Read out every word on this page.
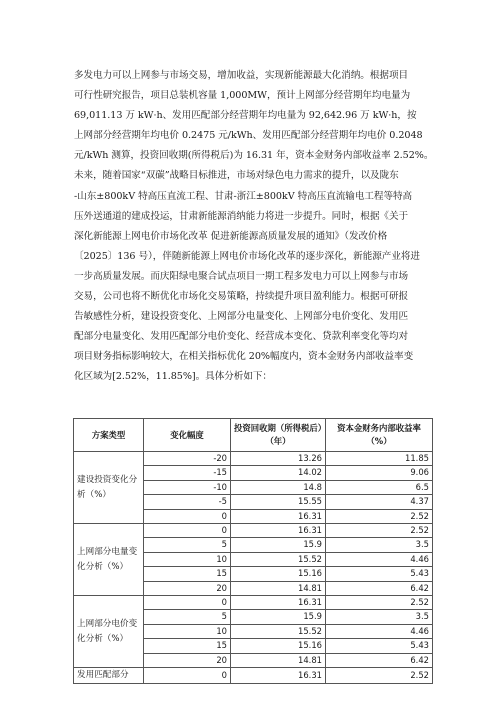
多发电力可以上网参与市场交易，增加收益，实现新能源最大化消纳。根据项目
可行性研究报告，项目总装机容量 1,000MW，预计上网部分经营期年均电量为
69,011.13 万 kW·h、发用匹配部分经营期年均电量为 92,642.96 万 kW·h，按
上网部分经营期年均电价 0.2475 元/kWh、发用匹配部分经营期年均电价 0.2048
元/kWh 测算，投资回收期(所得税后)为 16.31 年，资本金财务内部收益率 2.52%。
未来，随着国家“双碳”战略目标推进，市场对绿色电力需求的提升，以及陇东
-山东±800kV 特高压直流工程、甘肃-浙江±800kV 特高压直流输电工程等特高
压外送通道的建成投运，甘肃新能源消纳能力将进一步提升。同时，根据《关于
深化新能源上网电价市场化改革 促进新能源高质量发展的通知》（发改价格
〔2025〕136 号），伴随新能源上网电价市场化改革的逐步深化，新能源产业将进
一步高质量发展。而庆阳绿电聚合试点项目一期工程多发电力可以上网参与市场
交易，公司也将不断优化市场化交易策略，持续提升项目盈利能力。根据可研报
告敏感性分析，建设投资变化、上网部分电量变化、上网部分电价变化、发用匹
配部分电量变化、发用匹配部分电价变化、经营成本变化、贷款利率变化等均对
项目财务指标影响较大，在相关指标优化 20%幅度内，资本金财务内部收益率变
化区域为[2.52%，11.85%]。具体分析如下：
方案类型	变化幅度	投资回收期（所得税后）（年）	资本金财务内部收益率（%）
建设投资变化分析（%）	-20	13.26	11.85
	-15	14.02	9.06
	-10	14.8	6.5
	-5	15.55	4.37
	0	16.31	2.52
上网部分电量变化分析（%）	0	16.31	2.52
	5	15.9	3.5
	10	15.52	4.46
	15	15.16	5.43
	20	14.81	6.42
上网部分电价变化分析（%）	0	16.31	2.52
	5	15.9	3.5
	10	15.52	4.46
	15	15.16	5.43
	20	14.81	6.42
发用匹配部分	0	16.31	2.52
